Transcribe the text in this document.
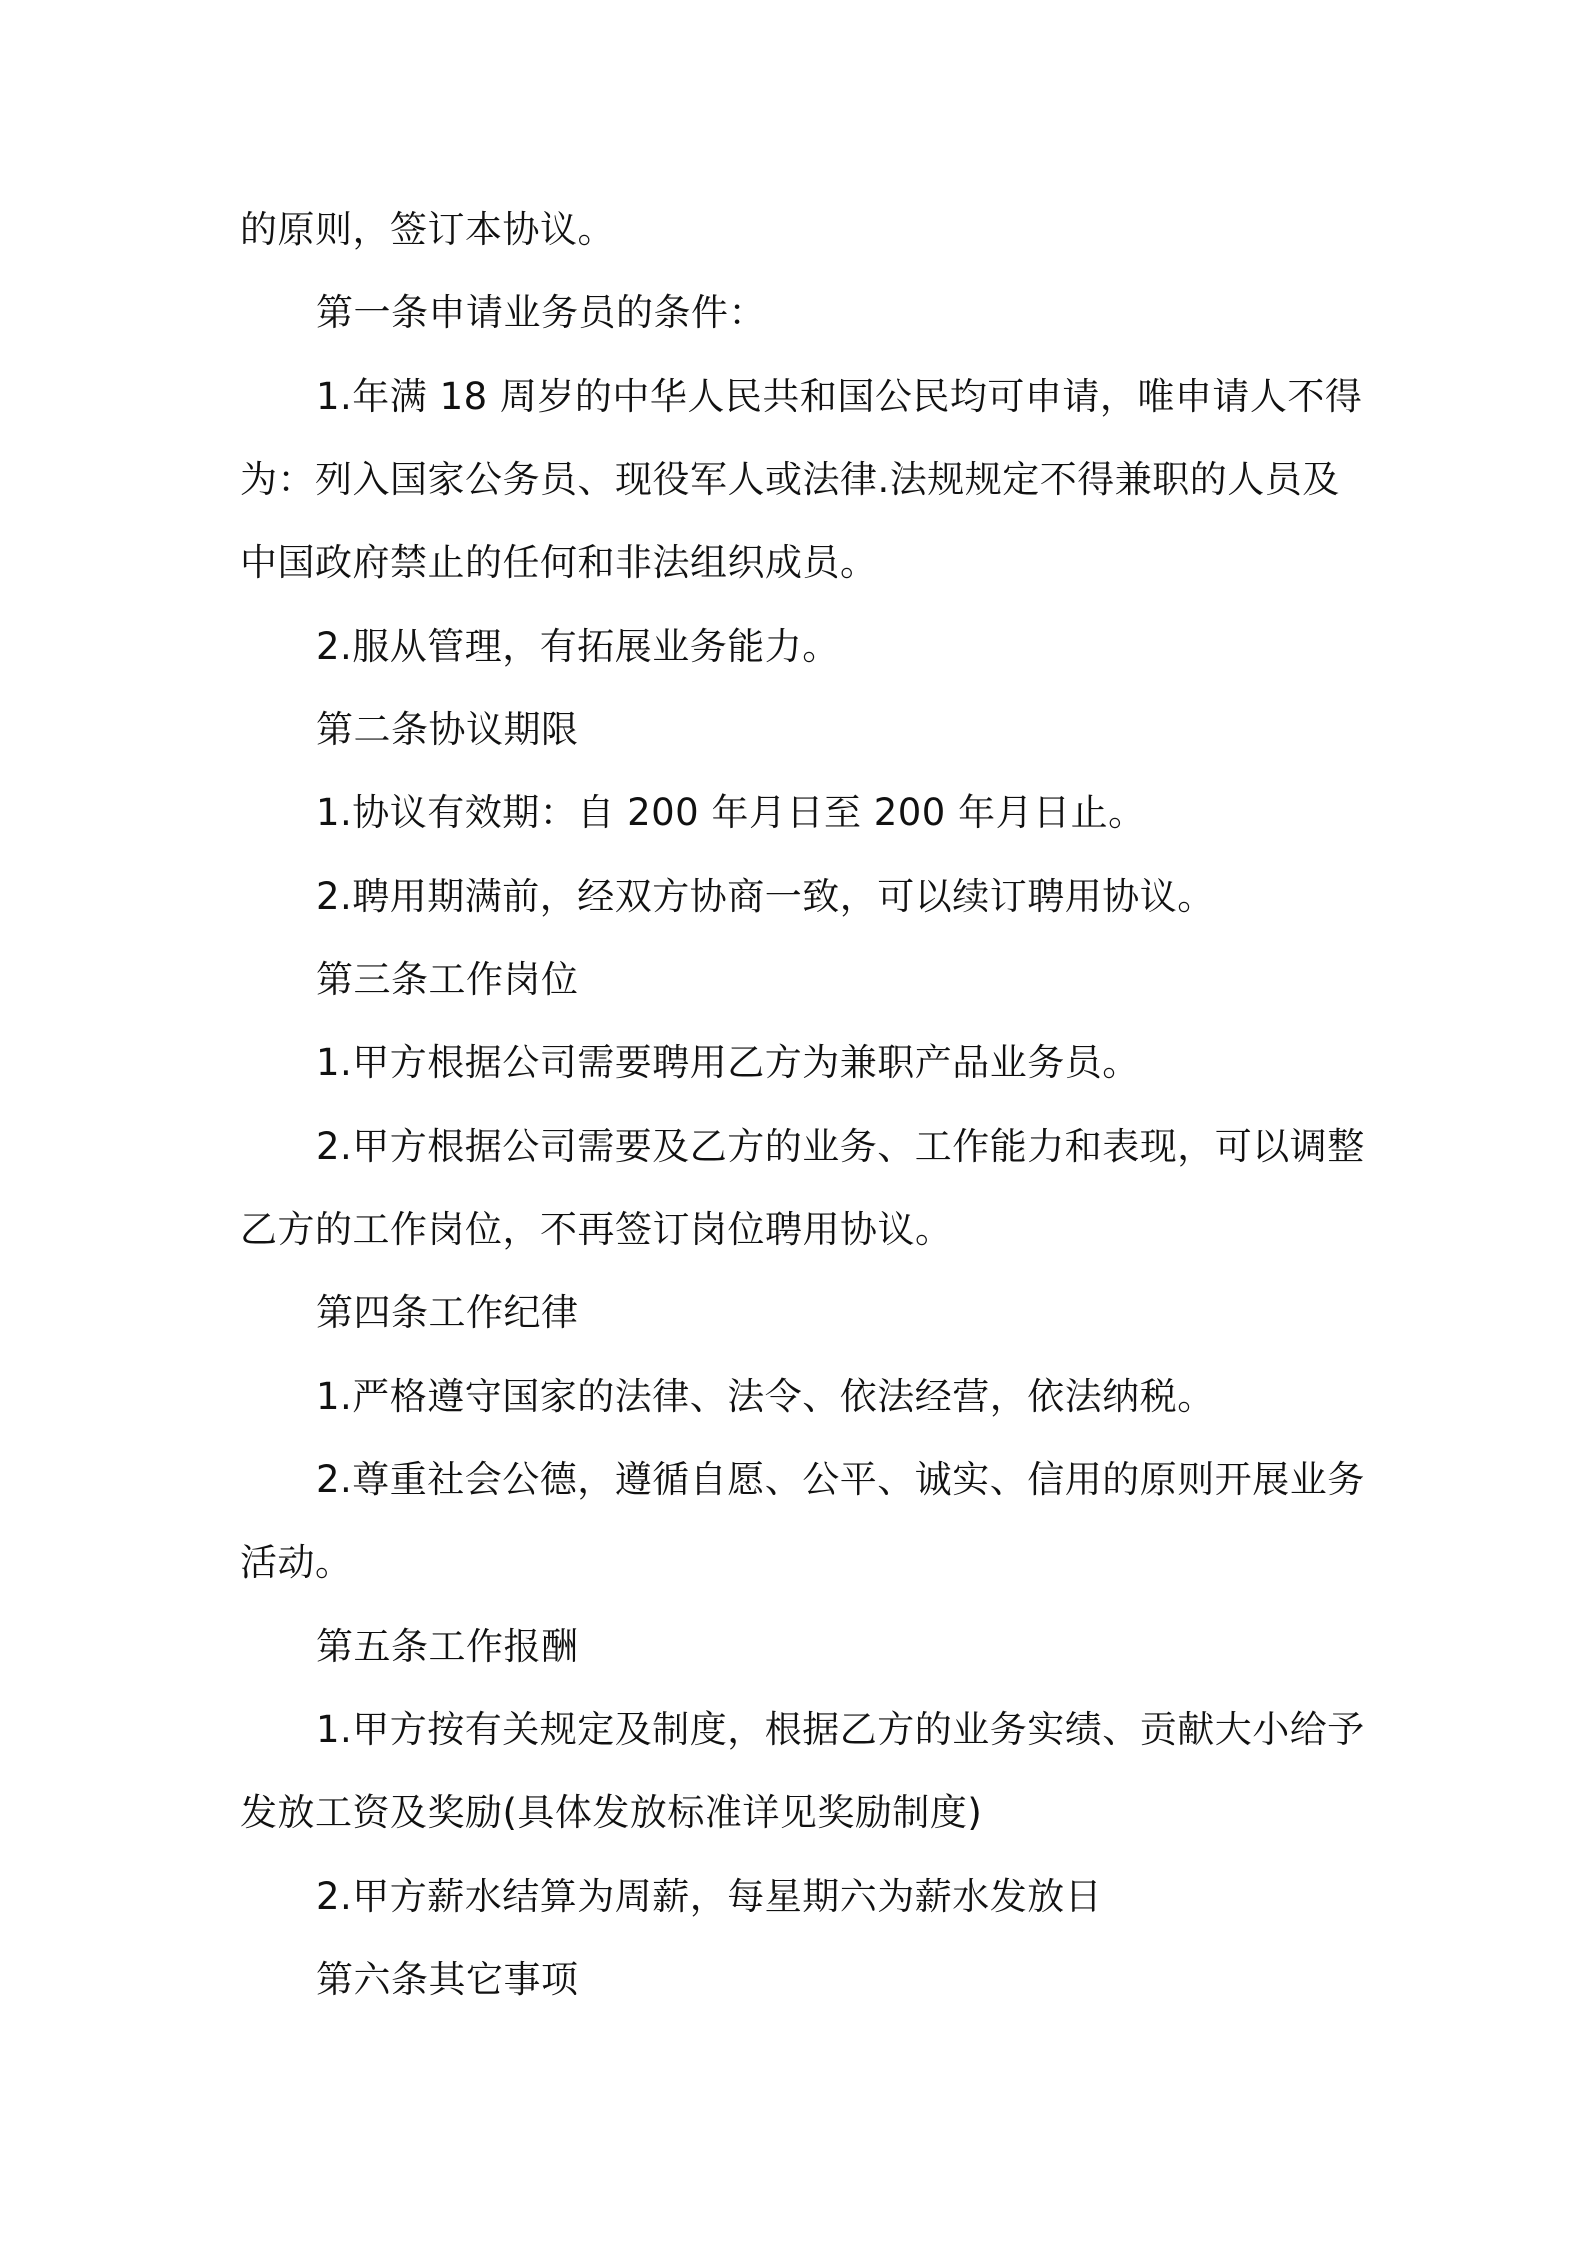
的原则，签订本协议。
第一条申请业务员的条件：
1.年满 18 周岁的中华人民共和国公民均可申请，唯申请人不得
为：列入国家公务员、现役军人或法律.法规规定不得兼职的人员及
中国政府禁止的任何和非法组织成员。
2.服从管理，有拓展业务能力。
第二条协议期限
1.协议有效期：自 200 年月日至 200 年月日止。
2.聘用期满前，经双方协商一致，可以续订聘用协议。
第三条工作岗位
1.甲方根据公司需要聘用乙方为兼职产品业务员。
2.甲方根据公司需要及乙方的业务、工作能力和表现，可以调整
乙方的工作岗位，不再签订岗位聘用协议。
第四条工作纪律
1.严格遵守国家的法律、法令、依法经营，依法纳税。
2.尊重社会公德，遵循自愿、公平、诚实、信用的原则开展业务
活动。
第五条工作报酬
1.甲方按有关规定及制度，根据乙方的业务实绩、贡献大小给予
发放工资及奖励(具体发放标准详见奖励制度)
2.甲方薪水结算为周薪，每星期六为薪水发放日
第六条其它事项
